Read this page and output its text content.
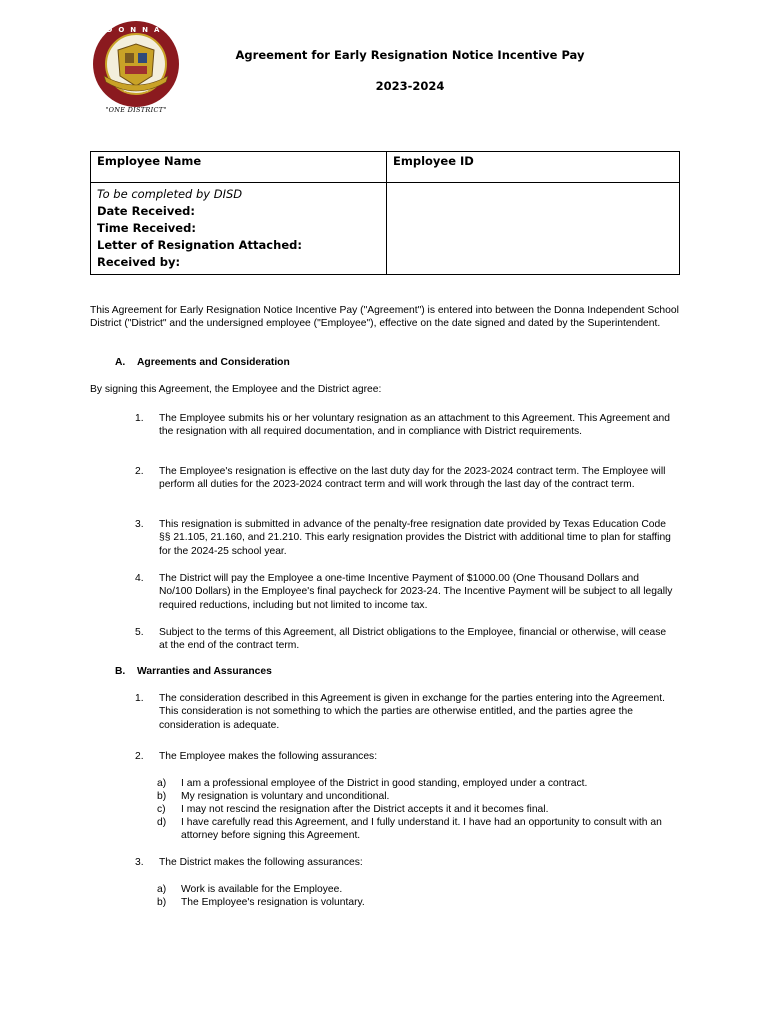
DONNA
. . . . . . . . . .
"ONE DISTRICT"
Agreement for Early Resignation Notice Incentive Pay
2023-2024
Employee Name	Employee ID

To be completed by DISD
Date Received:
Time Received:
Letter of Resignation Attached:
Received by:	

This Agreement for Early Resignation Notice Incentive Pay ("Agreement") is entered into between the Donna Independent School District ("District" and the undersigned employee ("Employee"), effective on the date signed and dated by the Superintendent.
A. Agreements and Consideration
By signing this Agreement, the Employee and the District agree:
1.	The Employee submits his or her voluntary resignation as an attachment to this Agreement. This Agreement and the resignation with all required documentation, and in compliance with District requirements.
2.	The Employee's resignation is effective on the last duty day for the 2023-2024 contract term. The Employee will perform all duties for the 2023-2024 contract term and will work through the last day of the contract term.
3.	This resignation is submitted in advance of the penalty-free resignation date provided by Texas Education Code §§ 21.105, 21.160, and 21.210. This early resignation provides the District with additional time to plan for staffing for the 2024-25 school year.
4.	The District will pay the Employee a one-time Incentive Payment of $1000.00 (One Thousand Dollars and No/100 Dollars) in the Employee's final paycheck for 2023-24. The Incentive Payment will be subject to all legally required reductions, including but not limited to income tax.
5.	Subject to the terms of this Agreement, all District obligations to the Employee, financial or otherwise, will cease at the end of the contract term.
B. Warranties and Assurances
1.	The consideration described in this Agreement is given in exchange for the parties entering into the Agreement. This consideration is not something to which the parties are otherwise entitled, and the parties agree the consideration is adequate.
2.	The Employee makes the following assurances:
a) I am a professional employee of the District in good standing, employed under a contract.
b) My resignation is voluntary and unconditional.
c) I may not rescind the resignation after the District accepts it and it becomes final.
d) I have carefully read this Agreement, and I fully understand it. I have had an opportunity to consult with an attorney before signing this Agreement.
3.	The District makes the following assurances:
a) Work is available for the Employee.
b) The Employee's resignation is voluntary.
